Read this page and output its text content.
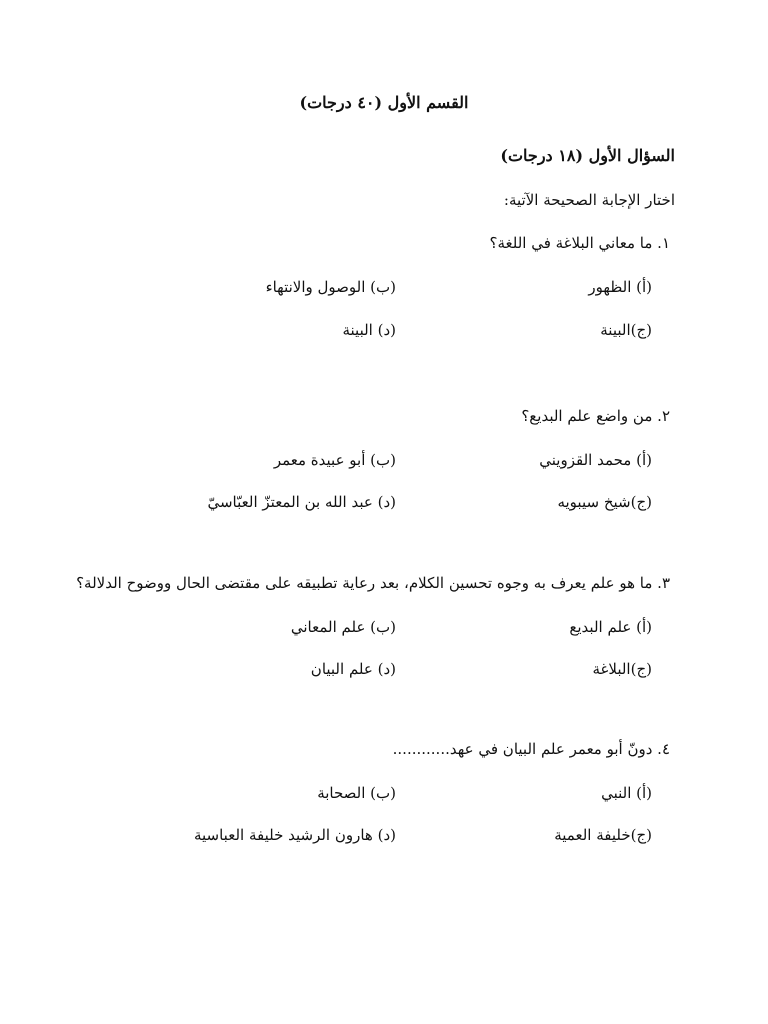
القسم الأول (٤٠ درجات)
السؤال الأول (١٨ درجات)
اختار الإجابة الصحيحة الآتية:
١. ما معاني البلاغة في اللغة؟
(أ) الظهور
(ب) الوصول والانتهاء
(ج)البينة
(د) البينة
٢. من واضع علم البديع؟
(أ) محمد القزويني
(ب) أبو عبيدة معمر
(ج)شيخ سيبويه
(د) عبد الله بن المعتزّ العبّاسيّ
٣. ما هو علم يعرف به وجوه تحسين الكلام، بعد رعاية تطبيقه على مقتضى الحال ووضوح الدلالة؟
(أ) علم البديع
(ب) علم المعاني
(ج)البلاغة
(د) علم البيان
٤. دونّ أبو معمر علم البيان في عهد............
(أ) النبي
(ب) الصحابة
(ج)خليفة العمية
(د) هارون الرشيد خليفة العباسية
